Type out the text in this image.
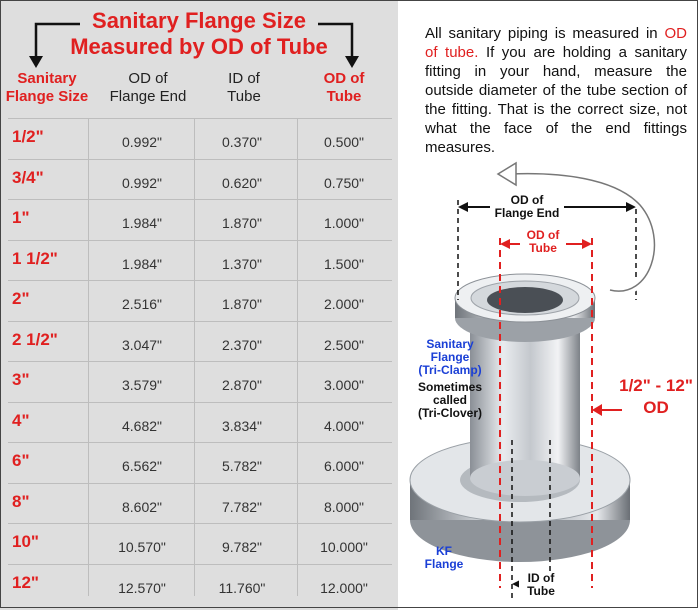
Sanitary Flange Size
Measured by OD of Tube
Sanitary
Flange Size
OD of
Flange End
ID of
Tube
OD of
Tube
1/2"	0.992"	0.370"	0.500"
3/4"	0.992"	0.620"	0.750"
1"	1.984"	1.870"	1.000"
1 1/2"	1.984"	1.370"	1.500"
2"	2.516"	1.870"	2.000"
2 1/2"	3.047"	2.370"	2.500"
3"	3.579"	2.870"	3.000"
4"	4.682"	3.834"	4.000"
6"	6.562"	5.782"	6.000"
8"	8.602"	7.782"	8.000"
10"	10.570"	9.782"	10.000"
12"	12.570"	11.760"	12.000"
All sanitary piping is measured in OD of tube. If you are holding a sanitary fitting in your hand, measure the outside diameter of the tube section of the fitting. That is the correct size, not what the face of the end fittings measures.
OD of
Flange End
OD of
Tube
Sanitary
Flange
(Tri-Clamp)
Sometimes
called
(Tri-Clover)
1/2" - 12"
OD
KF
Flange
ID of
Tube
